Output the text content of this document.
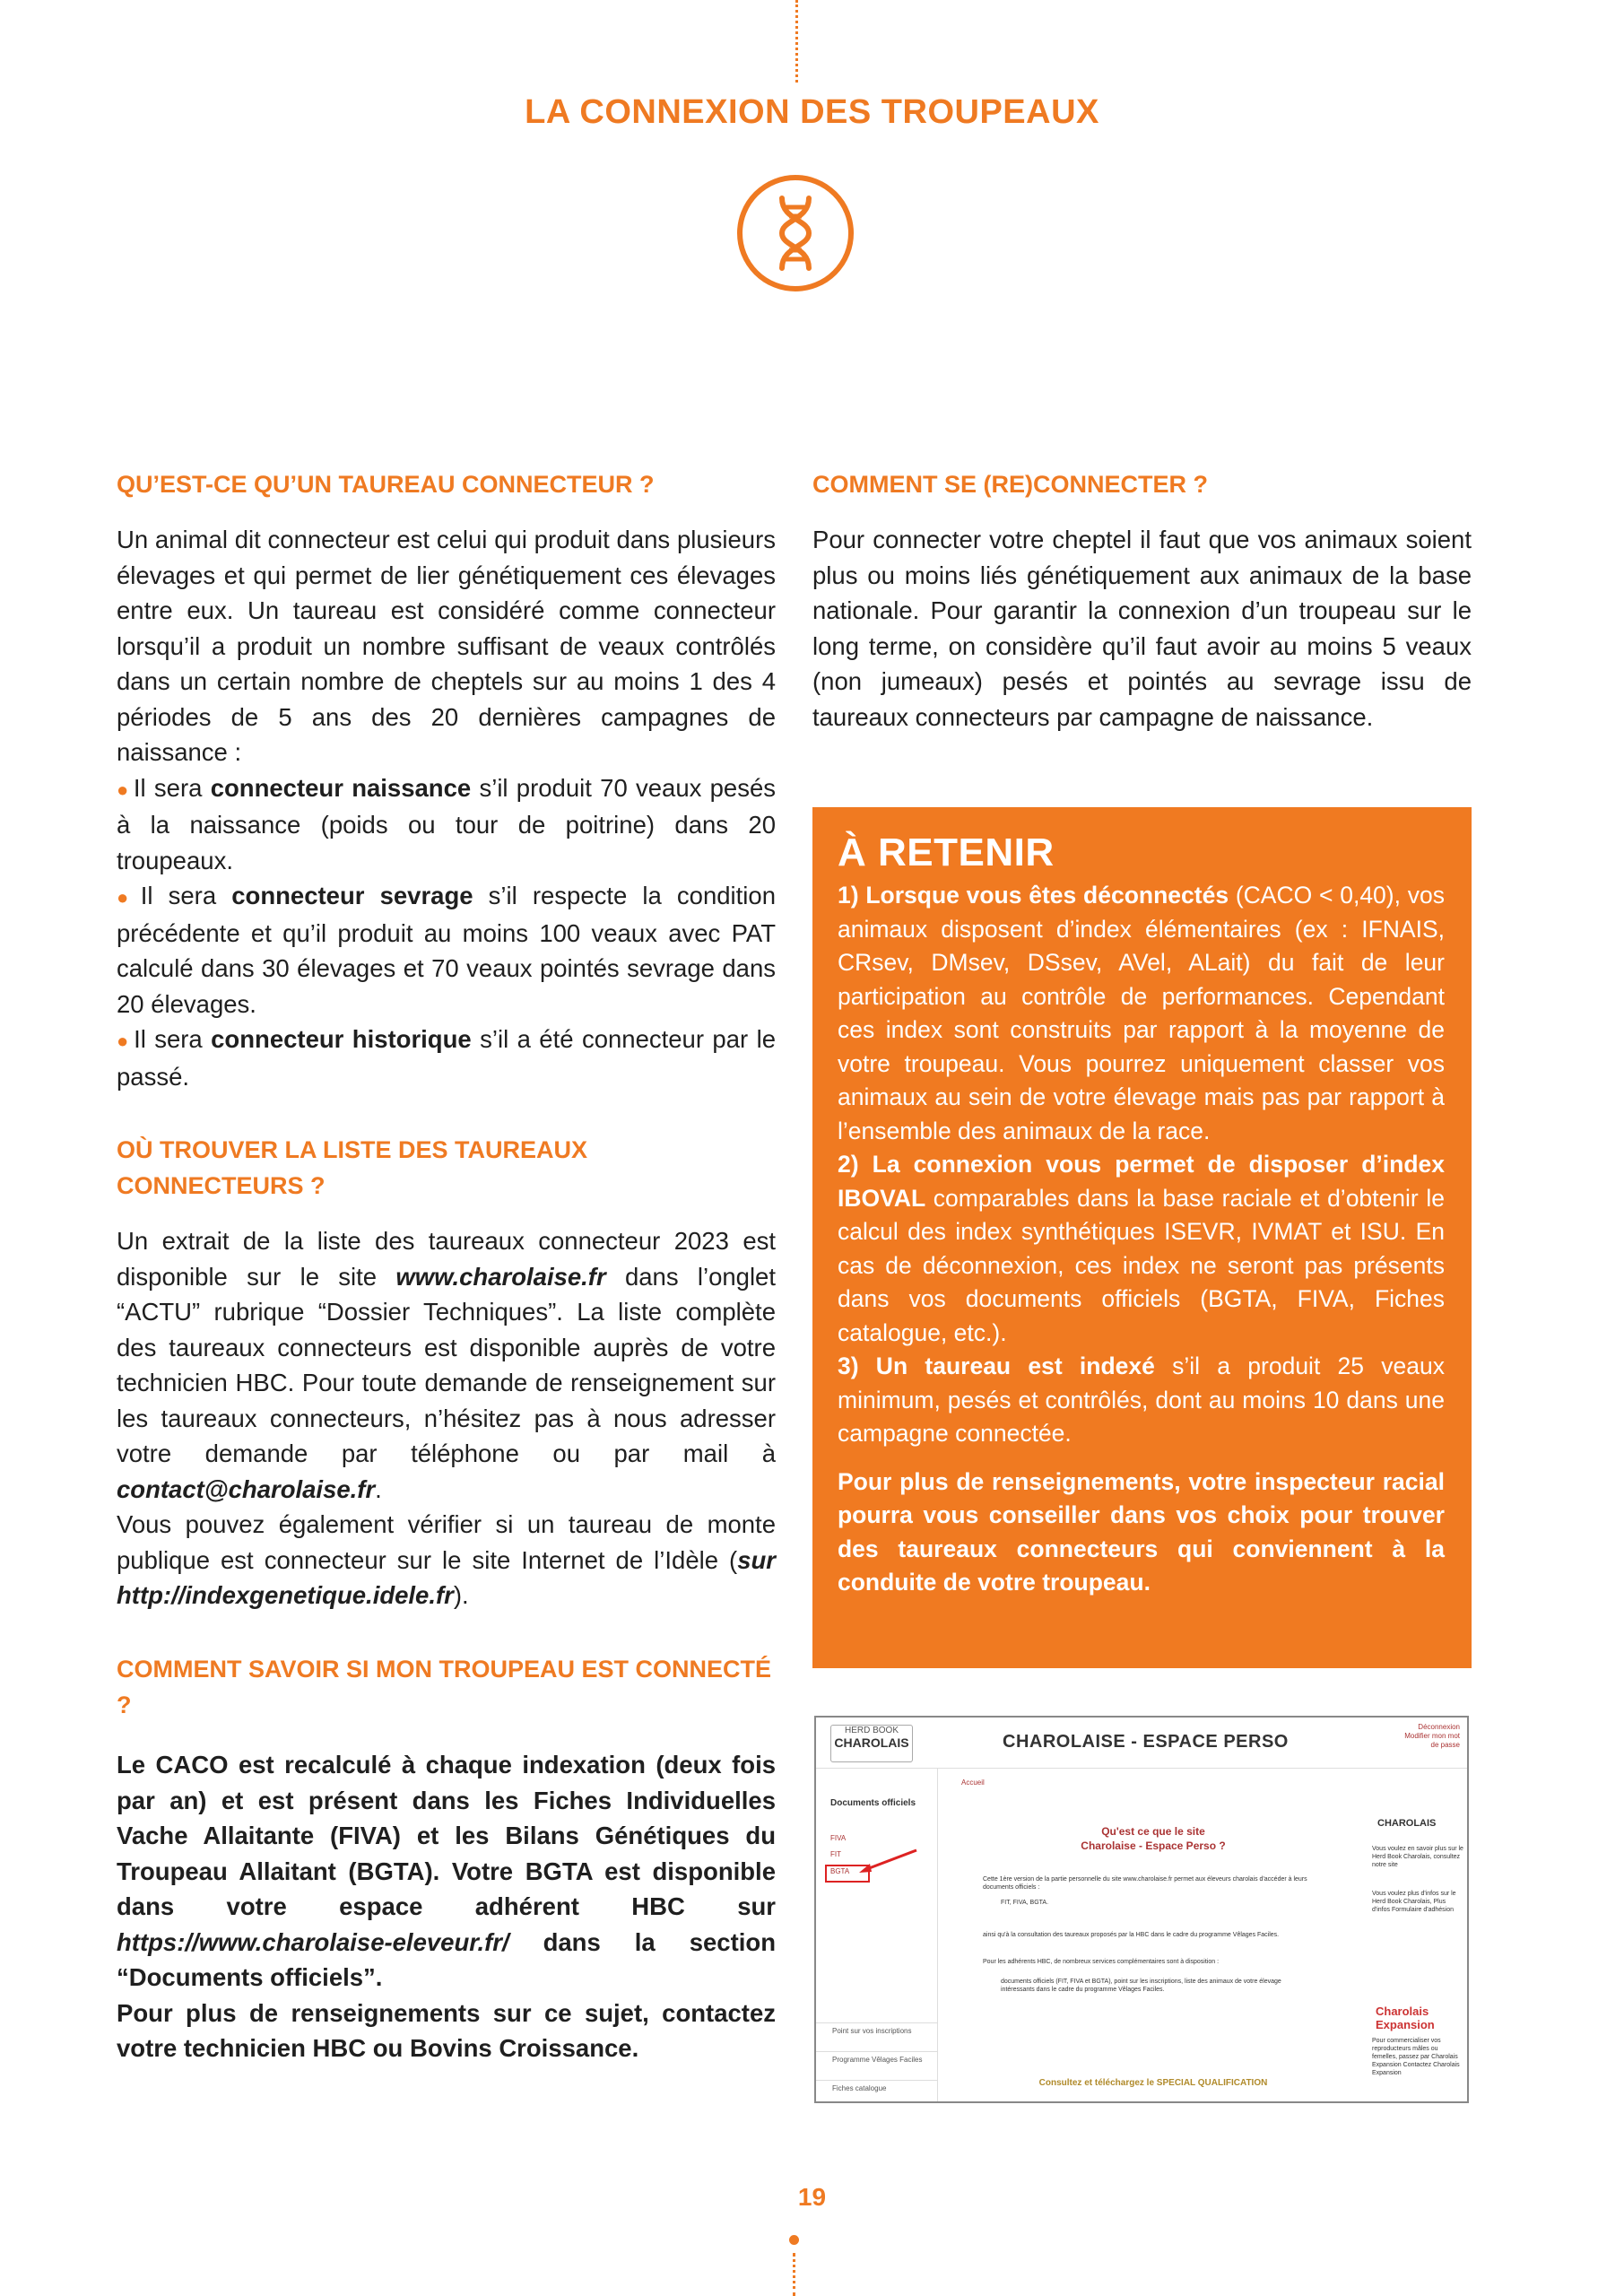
LA CONNEXION DES TROUPEAUX
QU’EST-CE QU’UN TAUREAU CONNECTEUR ?

Un animal dit connecteur est celui qui produit dans plusieurs élevages et qui permet de lier génétiquement ces élevages entre eux. Un taureau est considéré comme connecteur lorsqu’il a produit un nombre suffisant de veaux contrôlés dans un certain nombre de cheptels sur au moins 1 des 4 périodes de 5 ans des 20 dernières campagnes de naissance :

● Il sera connecteur naissance s’il produit 70 veaux pesés à la naissance (poids ou tour de poitrine) dans 20 troupeaux.
● Il sera connecteur sevrage s’il respecte la condition précédente et qu’il produit au moins 100 veaux avec PAT calculé dans 30 élevages et 70 veaux pointés sevrage dans 20 élevages.
● Il sera connecteur historique s’il a été connecteur par le passé.
OÙ TROUVER LA LISTE DES TAUREAUX CONNECTEURS ?

Un extrait de la liste des taureaux connecteur 2023 est disponible sur le site www.charolaise.fr dans l’onglet “ACTU” rubrique “Dossier Techniques”. La liste complète des taureaux connecteurs est disponible auprès de votre technicien HBC. Pour toute demande de renseignement sur les taureaux connecteurs, n’hésitez pas à nous adresser votre demande par téléphone ou par mail à contact@charolaise.fr.
Vous pouvez également vérifier si un taureau de monte publique est connecteur sur le site Internet de l’Idèle (sur http://indexgenetique.idele.fr).

COMMENT SAVOIR SI MON TROUPEAU EST CONNECTÉ ?

Le CACO est recalculé à chaque indexation (deux fois par an) et est présent dans les Fiches Individuelles Vache Allaitante (FIVA) et les Bilans Génétiques du Troupeau Allaitant (BGTA). Votre BGTA est disponible dans votre espace adhérent HBC sur https://www.charolaise-eleveur.fr/ dans la section “Documents officiels”.
Pour plus de renseignements sur ce sujet, contactez votre technicien HBC ou Bovins Croissance.

COMMENT SE (RE)CONNECTER ?

Pour connecter votre cheptel il faut que vos animaux soient plus ou moins liés génétiquement aux animaux de la base nationale. Pour garantir la connexion d’un troupeau sur le long terme, on considère qu’il faut avoir au moins 5 veaux (non jumeaux) pesés et pointés au sevrage issu de taureaux connecteurs par campagne de naissance.

À RETENIR

1) Lorsque vous êtes déconnectés (CACO < 0,40), vos animaux disposent d’index élémentaires (ex : IFNAIS, CRsev, DMsev, DSsev, AVel, ALait) du fait de leur participation au contrôle de performances. Cependant ces index sont construits par rapport à la moyenne de votre troupeau. Vous pourrez uniquement classer vos animaux au sein de votre élevage mais pas par rapport à l’ensemble des animaux de la race.

2) La connexion vous permet de disposer d’index IBOVAL comparables dans la base raciale et d’obtenir le calcul des index synthétiques ISEVR, IVMAT et ISU. En cas de déconnexion, ces index ne seront pas présents dans vos documents officiels (BGTA, FIVA, Fiches catalogue, etc.).

3) Un taureau est indexé s’il a produit 25 veaux minimum, pesés et contrôlés, dont au moins 10 dans une campagne connectée.

Pour plus de renseignements, votre inspecteur racial pourra vous conseiller dans vos choix pour trouver des taureaux connecteurs qui conviennent à la conduite de votre troupeau.

HERD BOOK
CHAROLAIS	CHAROLAISE - ESPACE PERSO
Déconnexion Modifier mon mot de passe
Documents officiels
FIVA
FIT
BGTA
Point sur vos inscriptions
Programme Vêlages Faciles
Fiches catalogue
Accueil
Qu'est ce que le site
Charolaise - Espace Perso ?
Cette 1ère version de la partie personnelle du site www.charolaise.fr permet aux éleveurs charolais d'accéder à leurs documents officiels :
FIT, FIVA, BGTA.
ainsi qu'à la consultation des taureaux proposés par la HBC dans le cadre du programme Vêlages Faciles.
Pour les adhérents HBC, de nombreux services complémentaires sont à disposition :
documents officiels (FIT, FIVA et BGTA), point sur les inscriptions, liste des animaux de votre élevage intéressants dans le cadre du programme Vêlages Faciles.
Consultez et téléchargez le SPECIAL QUALIFICATION
CHAROLAIS
Vous voulez en savoir plus sur le Herd Book Charolais, consultez notre site
Vous voulez plus d'infos sur le Herd Book Charolais, Plus d'infos Formulaire d'adhésion
Charolais Expansion
Pour commercialiser vos reproducteurs mâles ou femelles, passez par Charolais Expansion Contactez Charolais Expansion
19
